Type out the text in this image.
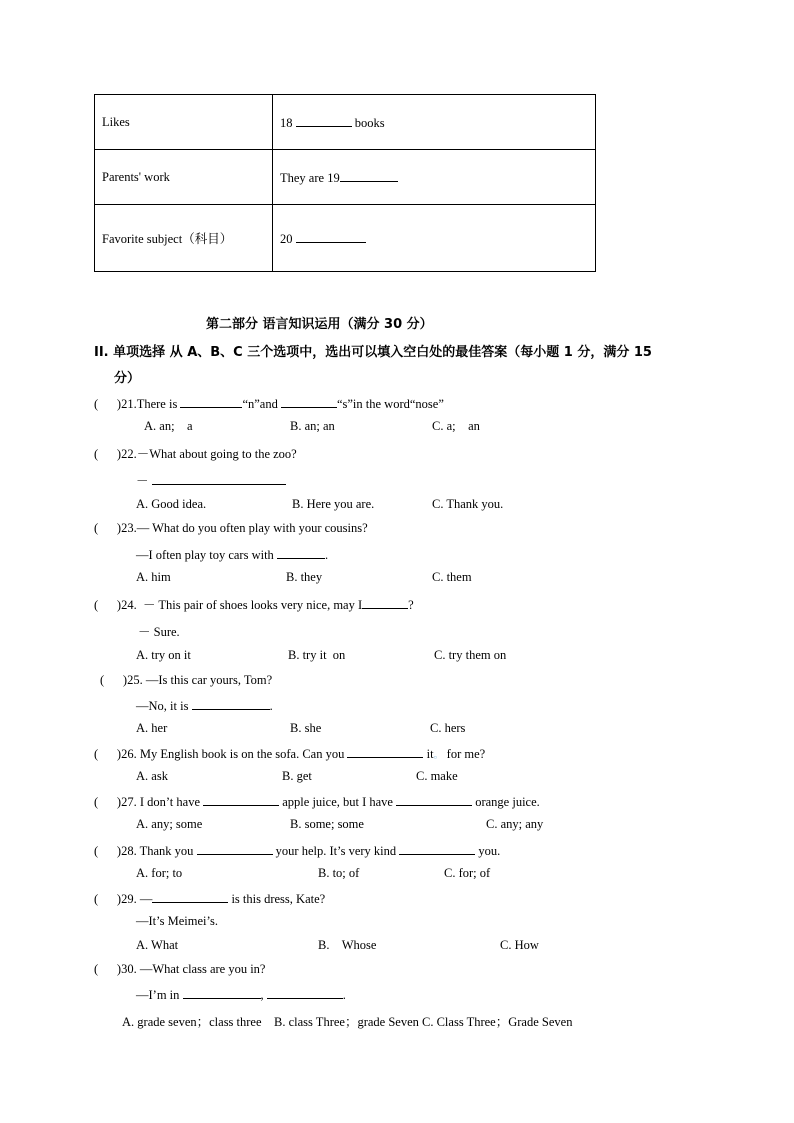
Likes	18 books
Parents' work	They are 19
Favorite subject（科目）	20
第二部分 语言知识运用（满分 30 分）
II. 单项选择 从 A、B、C 三个选项中，选出可以填入空白处的最佳答案（每小题 1 分，满分 15
分）
(      )21.There is	“n”and	“s”in the word“nose”
A. an;    a	B. an; an	C. a;    an
(      )22.－What about going to the zoo?
－
A. Good idea.	B. Here you are.	C. Thank you.
(      )23.— What do you often play with your cousins?
—I often play toy cars with	.
A. him	B. they	C. them
(      )24.  － This pair of shoes looks very nice, may I	?
－ Sure.
A. try on it	B. try it  on	C. try them on
(      )25. —Is this car yours, Tom?
—No, it is	.
A. her	B. she	C. hers
(      )26. My English book is on the sofa. Can you	it。 for me?
A. ask	B. get	C. make
(      )27. I don’t have	apple juice, but I have	orange juice.
A. any; some	B. some; some	C. any; any
(      )28. Thank you	your help. It’s very kind	you.
A. for; to	B. to; of	C. for; of
(      )29. —	is this dress, Kate?
—It’s Meimei’s.
A. What	B.    Whose	C. How
(      )30. —What class are you in?
—I’m in	,	.
A. grade seven；class three    B. class Three；grade Seven C. Class Three；Grade Seven
